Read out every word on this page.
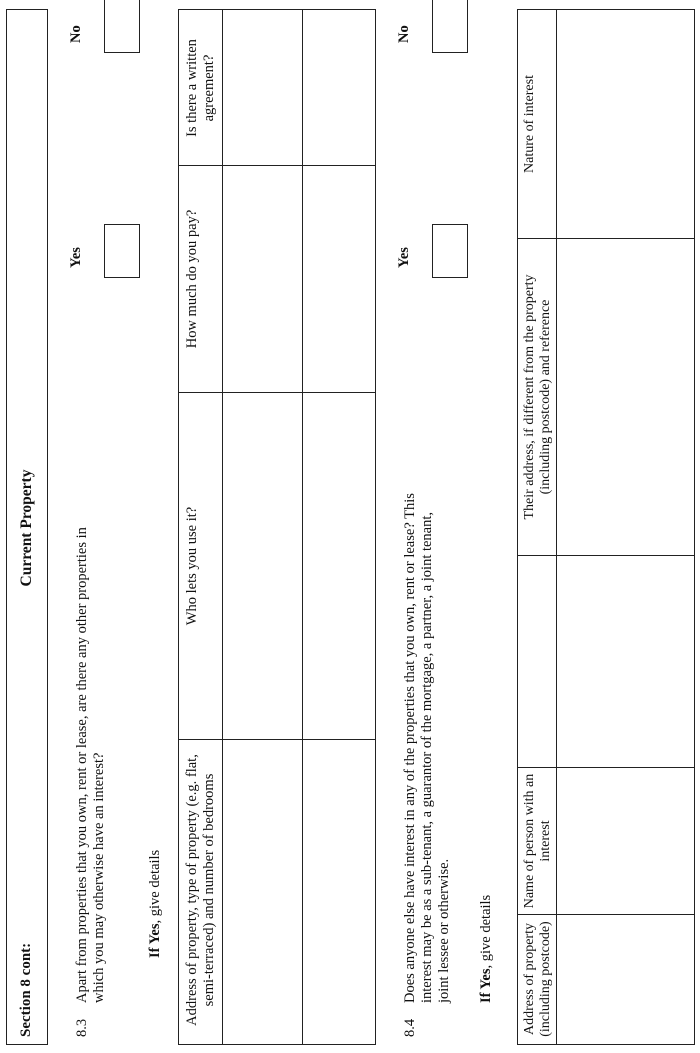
Section 8 cont:
Current Property
8.3
Apart from properties that you own, rent or lease, are there any other properties in which you may otherwise have an interest?
Yes
No
If Yes, give details Address of property, type of property (e.g. flat, semi-terraced) and number of bedrooms
Who lets you use it?
How much do you pay?
Is there a written agreement?
8.4
Does anyone else have interest in any of the properties that you own, rent or lease? This interest may be as a sub-tenant, a guarantor of the mortgage, a partner, a joint tenant, joint lessee or otherwise.
Yes
No
If Yes, give details Address of property (including postcode)
Name of person with an interest
Their address, if different from the property (including postcode) and reference
Nature of interest
